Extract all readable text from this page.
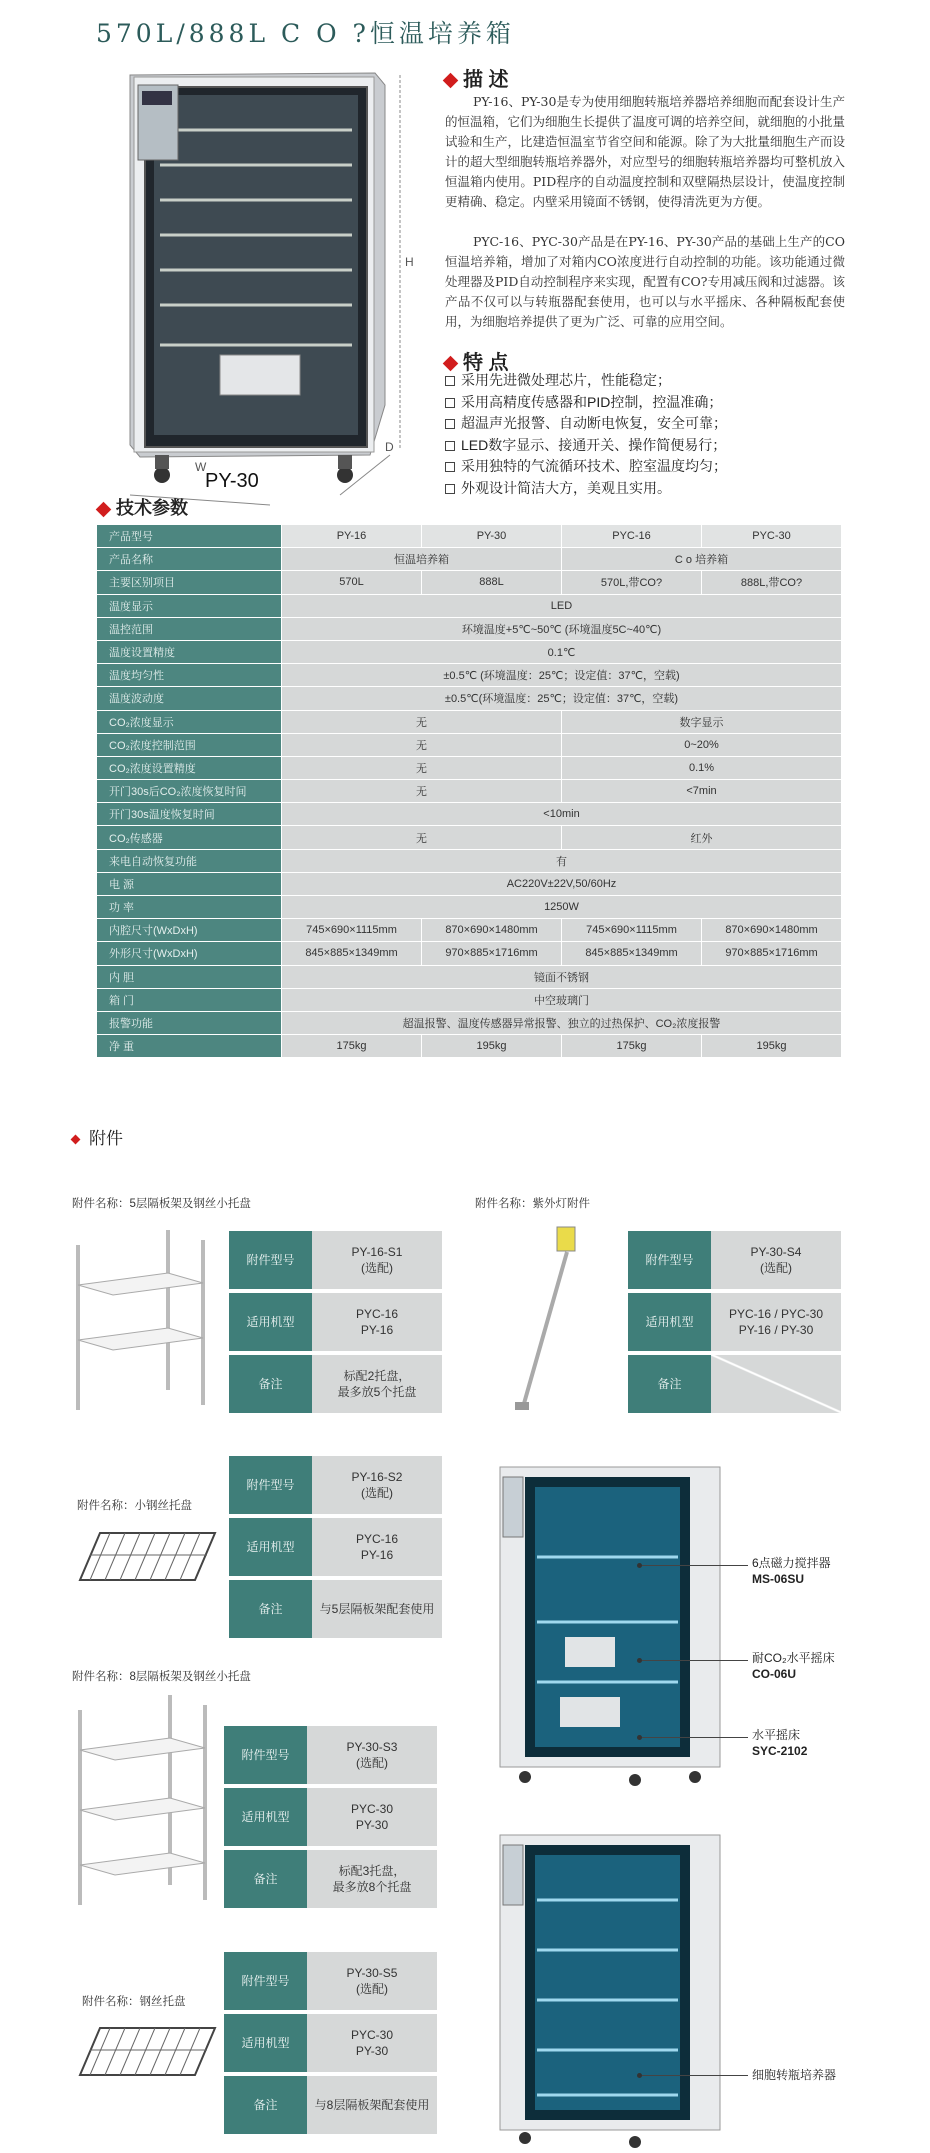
570L/888L C O ?恒温培养箱
H
W
D
PY-30
描 述

PY-16、PY-30是专为使用细胞转瓶培养器培养细胞而配套设计生产的恒温箱，它们为细胞生长提供了温度可调的培养空间，就细胞的小批量试验和生产，比建造恒温室节省空间和能源。除了为大批量细胞生产而设计的超大型细胞转瓶培养器外，对应型号的细胞转瓶培养器均可整机放入恒温箱内使用。PID程序的自动温度控制和双壁隔热层设计，使温度控制更精确、稳定。内壁采用镜面不锈钢，使得清洗更为方便。

PYC-16、PYC-30产品是在PY-16、PY-30产品的基础上生产的CO恒温培养箱，增加了对箱内CO浓度进行自动控制的功能。该功能通过微处理器及PID自动控制程序来实现，配置有CO?专用减压阀和过滤器。该产品不仅可以与转瓶器配套使用，也可以与水平摇床、各种隔板配套使用，为细胞培养提供了更为广泛、可靠的应用空间。

特 点
采用先进微处理芯片，性能稳定；
采用高精度传感器和PID控制，控温准确；
超温声光报警、自动断电恢复，安全可靠；
LED数字显示、接通开关、操作简便易行；
采用独特的气流循环技术、腔室温度均匀；
外观设计简洁大方，美观且实用。
技术参数
产品型号	PY-16	PY-30	PYC-16	PYC-30
产品名称	恒温培养箱		C o 培养箱	
主要区别项目	570L	888L	570L,带CO?	888L,带CO?
温度显示	LED			
温控范围	环境温度+5℃~50℃ (环境温度5C~40℃)			
温度设置精度	0.1℃			
温度均匀性	±0.5℃ (环境温度：25℃；设定值：37℃，空载)			
温度波动度	±0.5℃(环境温度：25℃；设定值：37℃，空载)			
CO₂浓度显示	无		数字显示	
CO₂浓度控制范围	无		0~20%	
CO₂浓度设置精度	无		0.1%	
开门30s后CO₂浓度恢复时间	无		<7min	
开门30s温度恢复时间	<10min			
CO₂传感器	无		红外	
来电自动恢复功能	有			
电 源	AC220V±22V,50/60Hz			
功 率	1250W			
内腔尺寸(WxDxH)	745×690×1115mm	870×690×1480mm	745×690×1115mm	870×690×1480mm
外形尺寸(WxDxH)	845×885×1349mm	970×885×1716mm	845×885×1349mm	970×885×1716mm
内 胆	镜面不锈钢			
箱 门	中空玻璃门			
报警功能	超温报警、温度传感器异常报警、独立的过热保护、CO₂浓度报警			
净 重	175kg	195kg	175kg	195kg
附件
附件名称：5层隔板架及钢丝小托盘
附件型号	PY-16-S1
(选配)
适用机型	PYC-16
PY-16
备注	标配2托盘，
最多放5个托盘
附件名称：紫外灯附件
附件型号	PY-30-S4
(选配)
适用机型	PYC-16 / PYC-30
PY-16 / PY-30
备注	
附件名称：小钢丝托盘
附件型号	PY-16-S2
(选配)
适用机型	PYC-16
PY-16
备注	与5层隔板架配套使用
附件名称：8层隔板架及钢丝小托盘
附件型号	PY-30-S3
(选配)
适用机型	PYC-30
PY-30
备注	标配3托盘，
最多放8个托盘
附件名称：钢丝托盘
附件型号	PY-30-S5
(选配)
适用机型	PYC-30
PY-30
备注	与8层隔板架配套使用
6点磁力搅拌器
MS-06SU
耐CO₂水平摇床
CO-06U
水平摇床
SYC-2102
细胞转瓶培养器
